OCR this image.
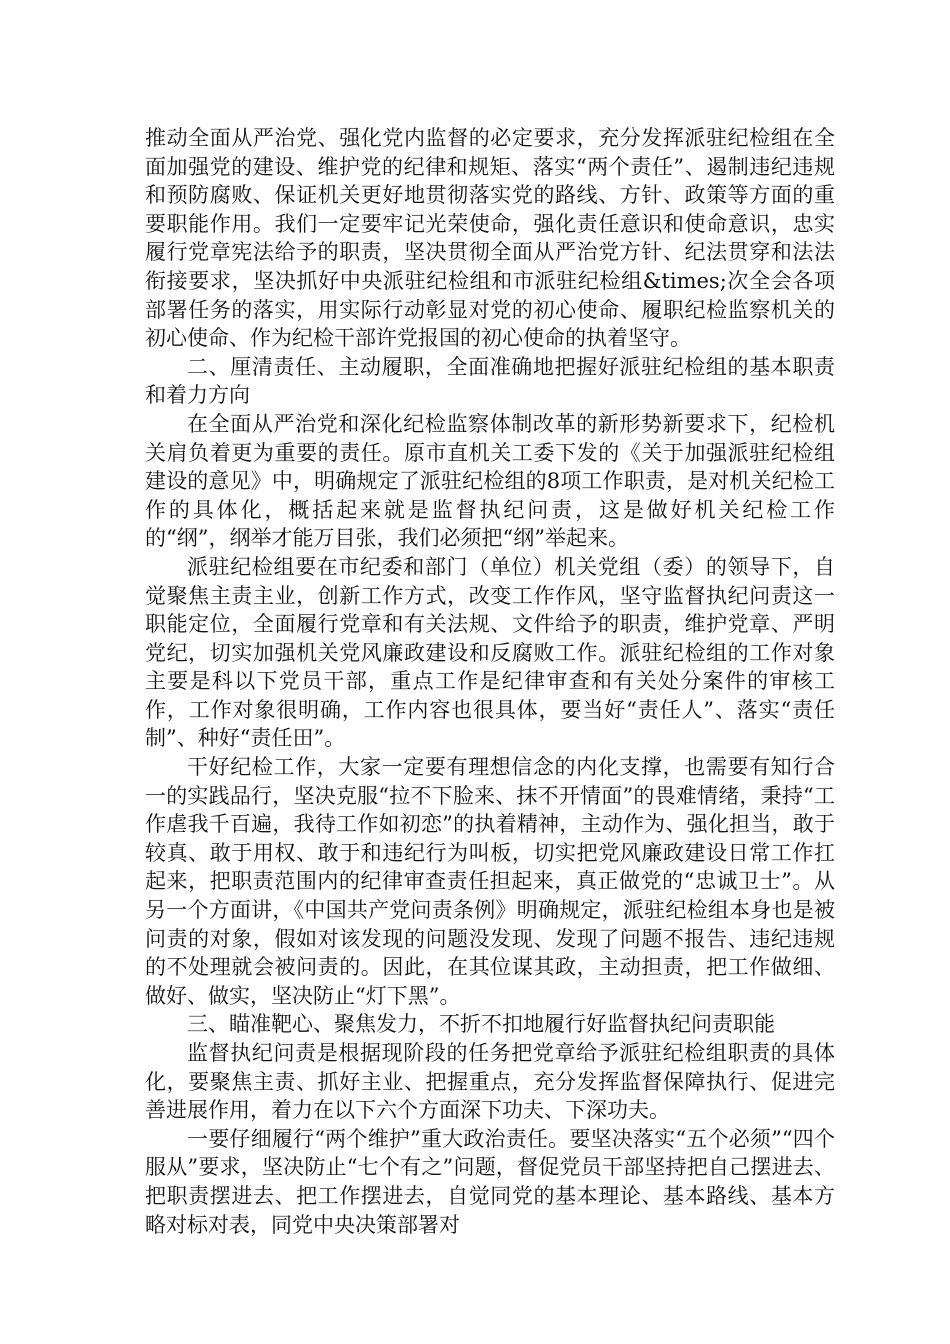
推动全面从严治党、强化党内监督的必定要求，充分发挥派驻纪检组在全面加强党的建设、维护党的纪律和规矩、落实“两个责任”、遏制违纪违规和预防腐败、保证机关更好地贯彻落实党的路线、方针、政策等方面的重要职能作用。我们一定要牢记光荣使命，强化责任意识和使命意识，忠实履行党章宪法给予的职责，坚决贯彻全面从严治党方针、纪法贯穿和法法衔接要求，坚决抓好中央派驻纪检组和市派驻纪检组&times;次全会各项部署任务的落实，用实际行动彰显对党的初心使命、履职纪检监察机关的初心使命、作为纪检干部许党报国的初心使命的执着坚守。

二、厘清责任、主动履职，全面准确地把握好派驻纪检组的基本职责和着力方向

在全面从严治党和深化纪检监察体制改革的新形势新要求下，纪检机关肩负着更为重要的责任。原市直机关工委下发的《关于加强派驻纪检组建设的意见》中，明确规定了派驻纪检组的8项工作职责，是对机关纪检工作的具体化，概括起来就是监督执纪问责，这是做好机关纪检工作的“纲”，纲举才能万目张，我们必须把“纲”举起来。

派驻纪检组要在市纪委和部门（单位）机关党组（委）的领导下，自觉聚焦主责主业，创新工作方式，改变工作作风，坚守监督执纪问责这一职能定位，全面履行党章和有关法规、文件给予的职责，维护党章、严明党纪，切实加强机关党风廉政建设和反腐败工作。派驻纪检组的工作对象主要是科以下党员干部，重点工作是纪律审查和有关处分案件的审核工作，工作对象很明确，工作内容也很具体，要当好“责任人”、落实“责任制”、种好“责任田”。

干好纪检工作，大家一定要有理想信念的内化支撑，也需要有知行合一的实践品行，坚决克服“拉不下脸来、抹不开情面”的畏难情绪，秉持“工作虐我千百遍，我待工作如初恋”的执着精神，主动作为、强化担当，敢于较真、敢于用权、敢于和违纪行为叫板，切实把党风廉政建设日常工作扛起来，把职责范围内的纪律审查责任担起来，真正做党的“忠诚卫士”。从另一个方面讲，《中国共产党问责条例》明确规定，派驻纪检组本身也是被问责的对象，假如对该发现的问题没发现、发现了问题不报告、违纪违规的不处理就会被问责的。因此，在其位谋其政，主动担责，把工作做细、做好、做实，坚决防止“灯下黑”。

三、瞄准靶心、聚焦发力，不折不扣地履行好监督执纪问责职能

监督执纪问责是根据现阶段的任务把党章给予派驻纪检组职责的具体化，要聚焦主责、抓好主业、把握重点，充分发挥监督保障执行、促进完善进展作用，着力在以下六个方面深下功夫、下深功夫。

一要仔细履行“两个维护”重大政治责任。要坚决落实“五个必须”“四个服从”要求，坚决防止“七个有之”问题，督促党员干部坚持把自己摆进去、把职责摆进去、把工作摆进去，自觉同党的基本理论、基本路线、基本方略对标对表，同党中央决策部署对
